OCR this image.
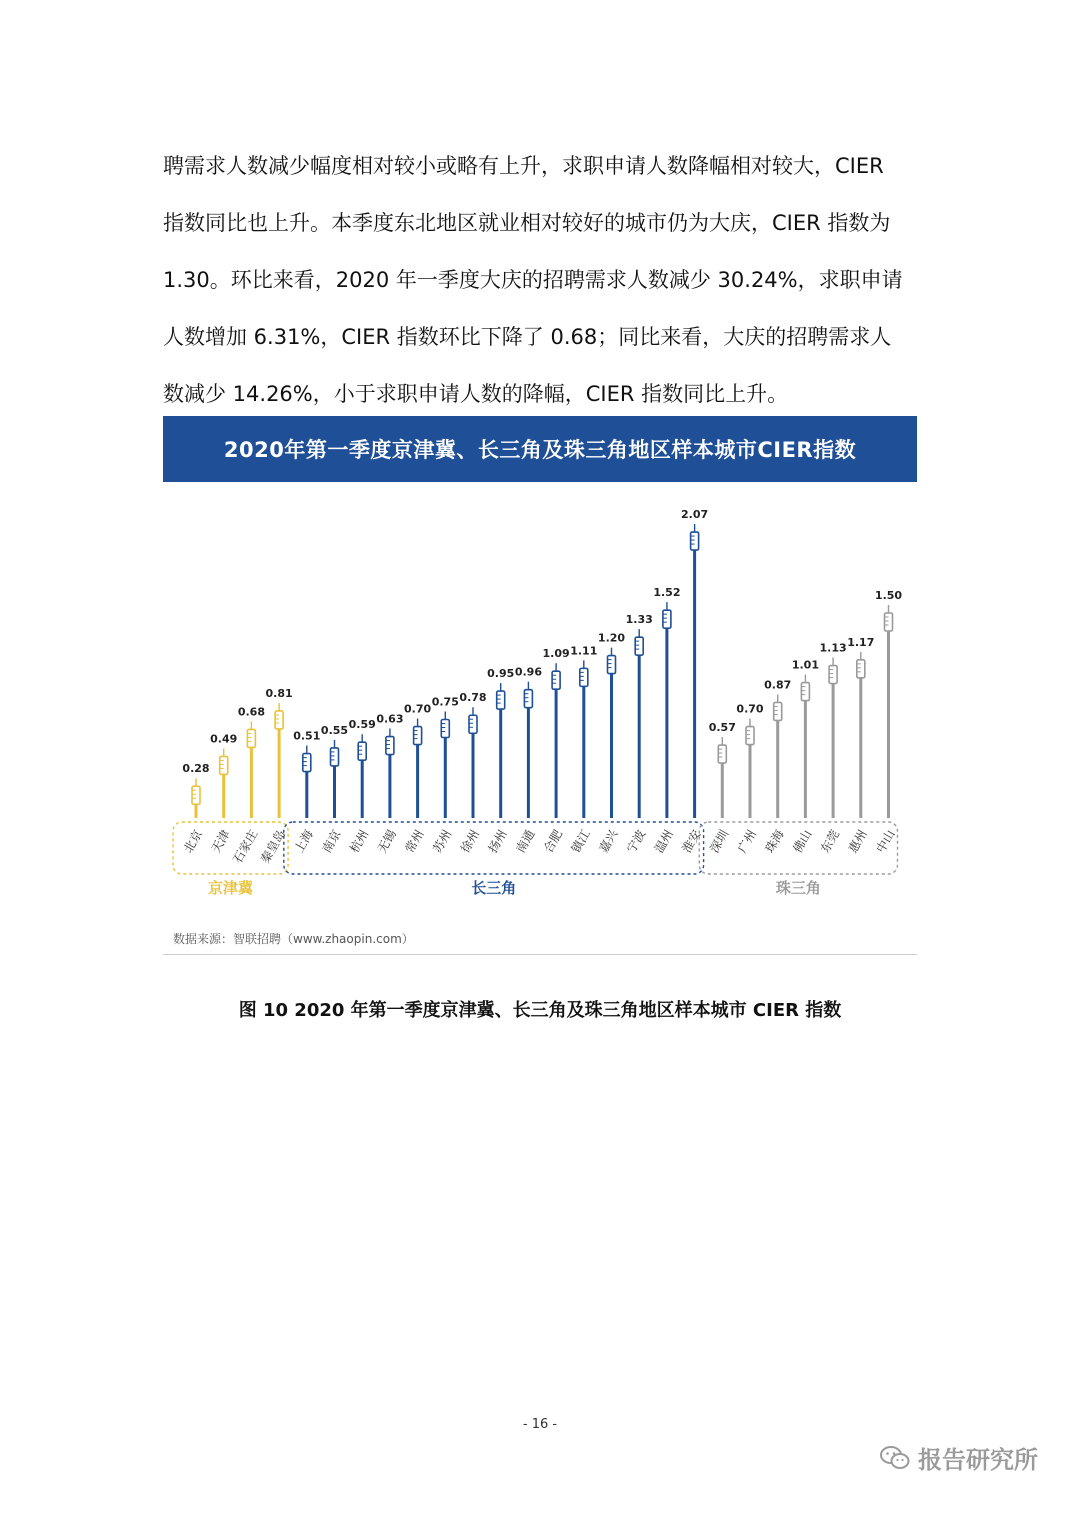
聘需求人数减少幅度相对较小或略有上升，求职申请人数降幅相对较大，CIER

指数同比也上升。本季度东北地区就业相对较好的城市仍为大庆，CIER 指数为

1.30。环比来看，2020 年一季度大庆的招聘需求人数减少 30.24%，求职申请

人数增加 6.31%，CIER 指数环比下降了 0.68；同比来看，大庆的招聘需求人

数减少 14.26%，小于求职申请人数的降幅，CIER 指数同比上升。

2020年第一季度京津冀、长三角及珠三角地区样本城市CIER指数
0.28
北京
0.49
天津
0.68
石家庄
0.81
秦皇岛
京津冀
0.51
上海
0.55
南京
0.59
杭州
0.63
无锡
0.70
常州
0.75
苏州
0.78
徐州
0.95
扬州
0.96
南通
1.09
合肥
1.11
镇江
1.20
嘉兴
1.33
宁波
1.52
温州
2.07
淮安
长三角
0.57
深圳
0.70
广州
0.87
珠海
1.01
佛山
1.13
东莞
1.17
惠州
1.50
中山
珠三角
数据来源：智联招聘（www.zhaopin.com）
图 10 2020 年第一季度京津冀、长三角及珠三角地区样本城市 CIER 指数
- 16 -
报告研究所
